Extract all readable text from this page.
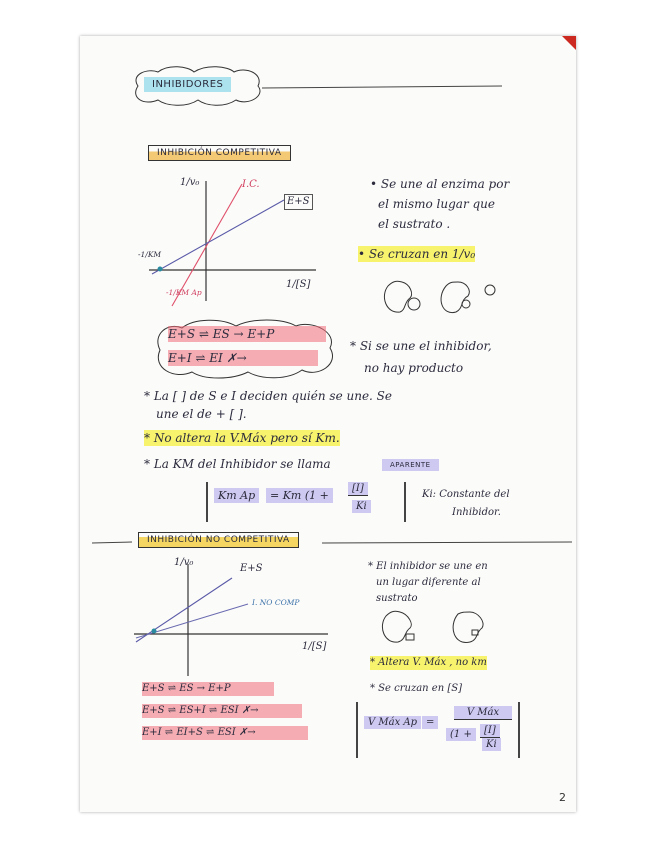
INHIBIDORES
INHIBICIÓN COMPETITIVA
1/v₀	I.C.
E+S
-1/KM
-1/KM Ap
1/[S]
• Se une al enzima por
el mismo lugar que
el sustrato .
• Se cruzan en 1/v₀
E+S ⇌ ES → E+P
E+I ⇌ EI ✗→
* Si se une el inhibidor,
no hay producto
* La [ ] de S e I deciden quién se une. Se
une el de + [ ].
* No altera la V.Máx pero sí Km.
* La KM del Inhibidor se llama	APARENTE
Km Ap	= Km (1 +
[I]
Ki
Ki: Constante del
Inhibidor.
INHIBICIÓN NO COMPETITIVA
1/v₀
E+S
I. NO COMP
1/[S]
* El inhibidor se une en
un lugar diferente al
sustrato
* Altera V. Máx , no km
* Se cruzan en [S]
E+S ⇌ ES → E+P
E+S ⇌ ES+I ⇌ ESI ✗→
E+I ⇌ EI+S ⇌ ESI ✗→
V Máx Ap =
V Máx
(1 +	[I]
Ki
2
